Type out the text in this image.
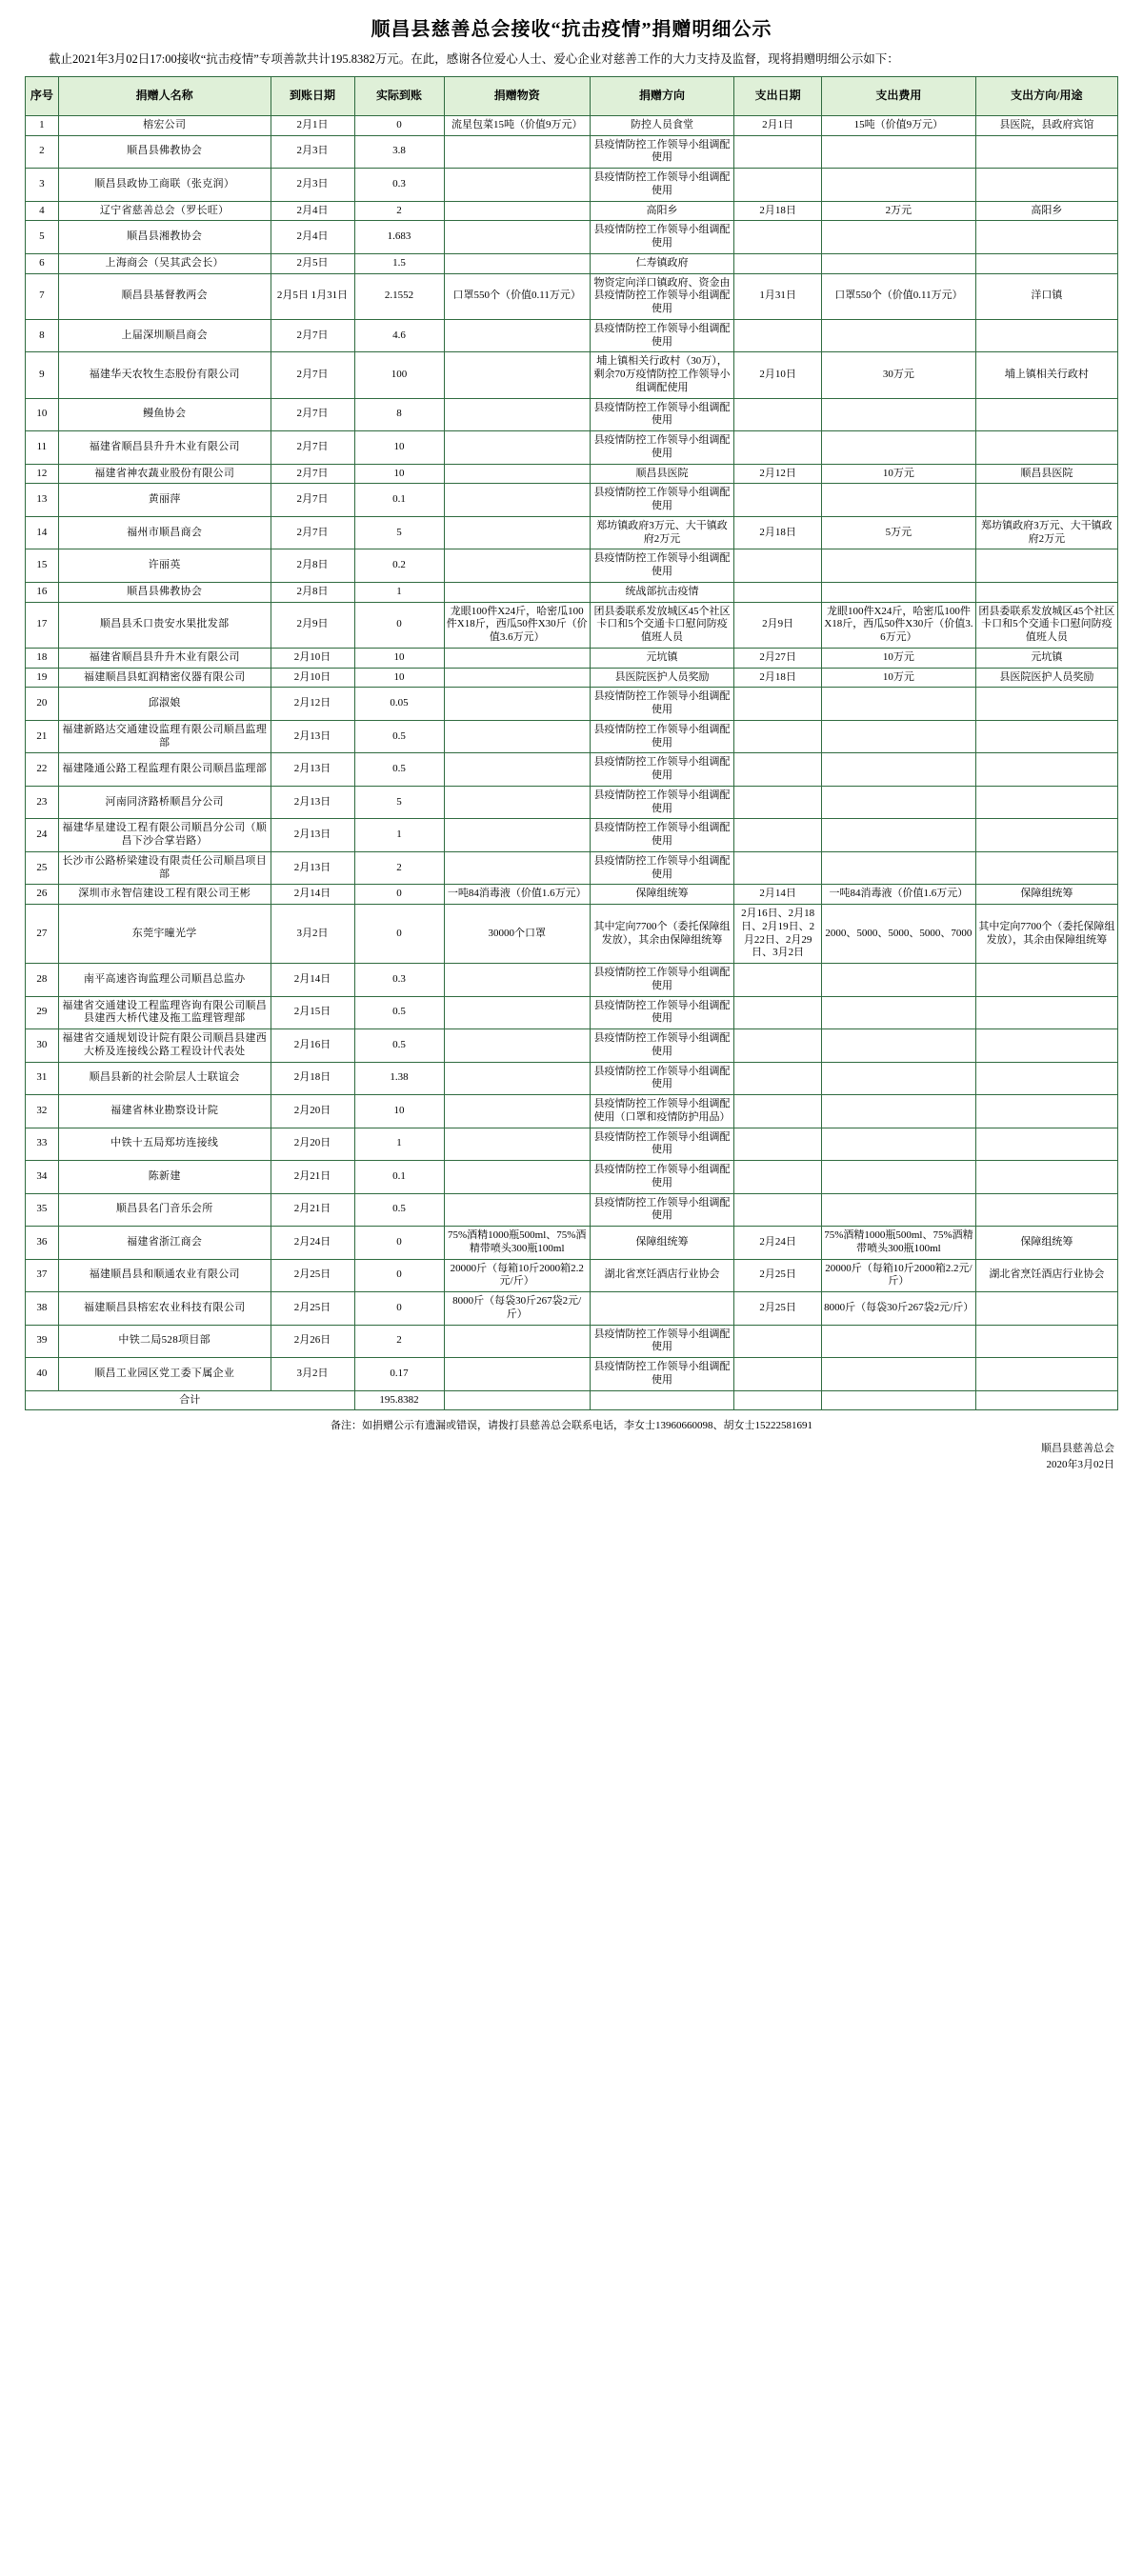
顺昌县慈善总会接收“抗击疫情”捐赠明细公示
截止2021年3月02日17:00接收“抗击疫情”专项善款共计195.8382万元。在此，感谢各位爱心人士、爱心企业对慈善工作的大力支持及监督，现将捐赠明细公示如下：
序号	捐赠人名称	到账日期	实际到账	捐赠物资	捐赠方向	支出日期	支出费用	支出方向/用途
1	榕宏公司	2月1日	0	流星包菜15吨（价值9万元）	防控人员食堂	2月1日	15吨（价值9万元）	县医院，县政府宾馆
2	顺昌县佛教协会	2月3日	3.8		县疫情防控工作领导小组调配使用			
3	顺昌县政协工商联（张克润）	2月3日	0.3		县疫情防控工作领导小组调配使用			
4	辽宁省慈善总会（罗长旺）	2月4日	2		高阳乡	2月18日	2万元	高阳乡
5	顺昌县湘教协会	2月4日	1.683		县疫情防控工作领导小组调配使用			
6	上海商会（吴其武会长）	2月5日	1.5		仁寿镇政府			
7	顺昌县基督教两会	2月5日 1月31日	2.1552	口罩550个（价值0.11万元）	物资定向洋口镇政府、资金由县疫情防控工作领导小组调配使用	1月31日	口罩550个（价值0.11万元）	洋口镇
8	上届深圳顺昌商会	2月7日	4.6		县疫情防控工作领导小组调配使用			
9	福建华天农牧生态股份有限公司	2月7日	100		埔上镇相关行政村（30万），剩余70万疫情防控工作领导小组调配使用	2月10日	30万元	埔上镇相关行政村
10	鳗鱼协会	2月7日	8		县疫情防控工作领导小组调配使用			
11	福建省顺昌县升升木业有限公司	2月7日	10		县疫情防控工作领导小组调配使用			
12	福建省神农蔬业股份有限公司	2月7日	10		顺昌县医院	2月12日	10万元	顺昌县医院
13	黄丽萍	2月7日	0.1		县疫情防控工作领导小组调配使用			
14	福州市顺昌商会	2月7日	5		郑坊镇政府3万元、大干镇政府2万元	2月18日	5万元	郑坊镇政府3万元、大干镇政府2万元
15	许丽英	2月8日	0.2		县疫情防控工作领导小组调配使用			
16	顺昌县佛教协会	2月8日	1		统战部抗击疫情			
17	顺昌县禾口贵安水果批发部	2月9日	0	龙眼100件X24斤，哈密瓜100件X18斤，西瓜50件X30斤（价值3.6万元）	团县委联系发放城区45个社区卡口和5个交通卡口慰问防疫值班人员	2月9日	龙眼100件X24斤，哈密瓜100件X18斤，西瓜50件X30斤（价值3.6万元）	团县委联系发放城区45个社区卡口和5个交通卡口慰问防疫值班人员
18	福建省顺昌县升升木业有限公司	2月10日	10		元坑镇	2月27日	10万元	元坑镇
19	福建顺昌县虹润精密仪器有限公司	2月10日	10		县医院医护人员奖励	2月18日	10万元	县医院医护人员奖励
20	邱淑娘	2月12日	0.05		县疫情防控工作领导小组调配使用			
21	福建新路达交通建设监理有限公司顺昌监理部	2月13日	0.5		县疫情防控工作领导小组调配使用			
22	福建隆通公路工程监理有限公司顺昌监理部	2月13日	0.5		县疫情防控工作领导小组调配使用			
23	河南同济路桥顺昌分公司	2月13日	5		县疫情防控工作领导小组调配使用			
24	福建华星建设工程有限公司顺昌分公司（顺昌下沙合掌岩路）	2月13日	1		县疫情防控工作领导小组调配使用			
25	长沙市公路桥梁建设有限责任公司顺昌项目部	2月13日	2		县疫情防控工作领导小组调配使用			
26	深圳市永智信建设工程有限公司王彬	2月14日	0	一吨84消毒液（价值1.6万元）	保障组统筹	2月14日	一吨84消毒液（价值1.6万元）	保障组统筹
27	东莞宇曈光学	3月2日	0	30000个口罩	其中定向7700个（委托保障组发放），其余由保障组统筹	2月16日、2月18日、2月19日、2月22日、2月29日、3月2日	2000、5000、5000、5000、7000	其中定向7700个（委托保障组发放），其余由保障组统筹
28	南平高速咨询监理公司顺昌总监办	2月14日	0.3		县疫情防控工作领导小组调配使用			
29	福建省交通建设工程监理咨询有限公司顺昌县建西大桥代建及拖工监理管理部	2月15日	0.5		县疫情防控工作领导小组调配使用			
30	福建省交通规划设计院有限公司顺昌县建西大桥及连接线公路工程设计代表处	2月16日	0.5		县疫情防控工作领导小组调配使用			
31	顺昌县新的社会阶层人士联谊会	2月18日	1.38		县疫情防控工作领导小组调配使用			
32	福建省林业勘察设计院	2月20日	10		县疫情防控工作领导小组调配使用（口罩和疫情防护用品）			
33	中铁十五局郑坊连接线	2月20日	1		县疫情防控工作领导小组调配使用			
34	陈新建	2月21日	0.1		县疫情防控工作领导小组调配使用			
35	顺昌县名门音乐会所	2月21日	0.5		县疫情防控工作领导小组调配使用			
36	福建省浙江商会	2月24日	0	75%酒精1000瓶500ml、75%酒精带喷头300瓶100ml	保障组统筹	2月24日	75%酒精1000瓶500ml、75%酒精带喷头300瓶100ml	保障组统筹
37	福建顺昌县和顺通农业有限公司	2月25日	0	20000斤（每箱10斤2000箱2.2元/斤）	湖北省烹饪酒店行业协会	2月25日	20000斤（每箱10斤2000箱2.2元/斤）	湖北省烹饪酒店行业协会
38	福建顺昌县榕宏农业科技有限公司	2月25日	0	8000斤（每袋30斤267袋2元/斤）		2月25日	8000斤（每袋30斤267袋2元/斤）	
39	中铁二局528项目部	2月26日	2		县疫情防控工作领导小组调配使用			
40	顺昌工业园区党工委下属企业	3月2日	0.17		县疫情防控工作领导小组调配使用			
合计			195.8382					
备注：如捐赠公示有遗漏或错误，请拨打县慈善总会联系电话，李女士13960660098、胡女士15222581691
顺昌县慈善总会
2020年3月02日
